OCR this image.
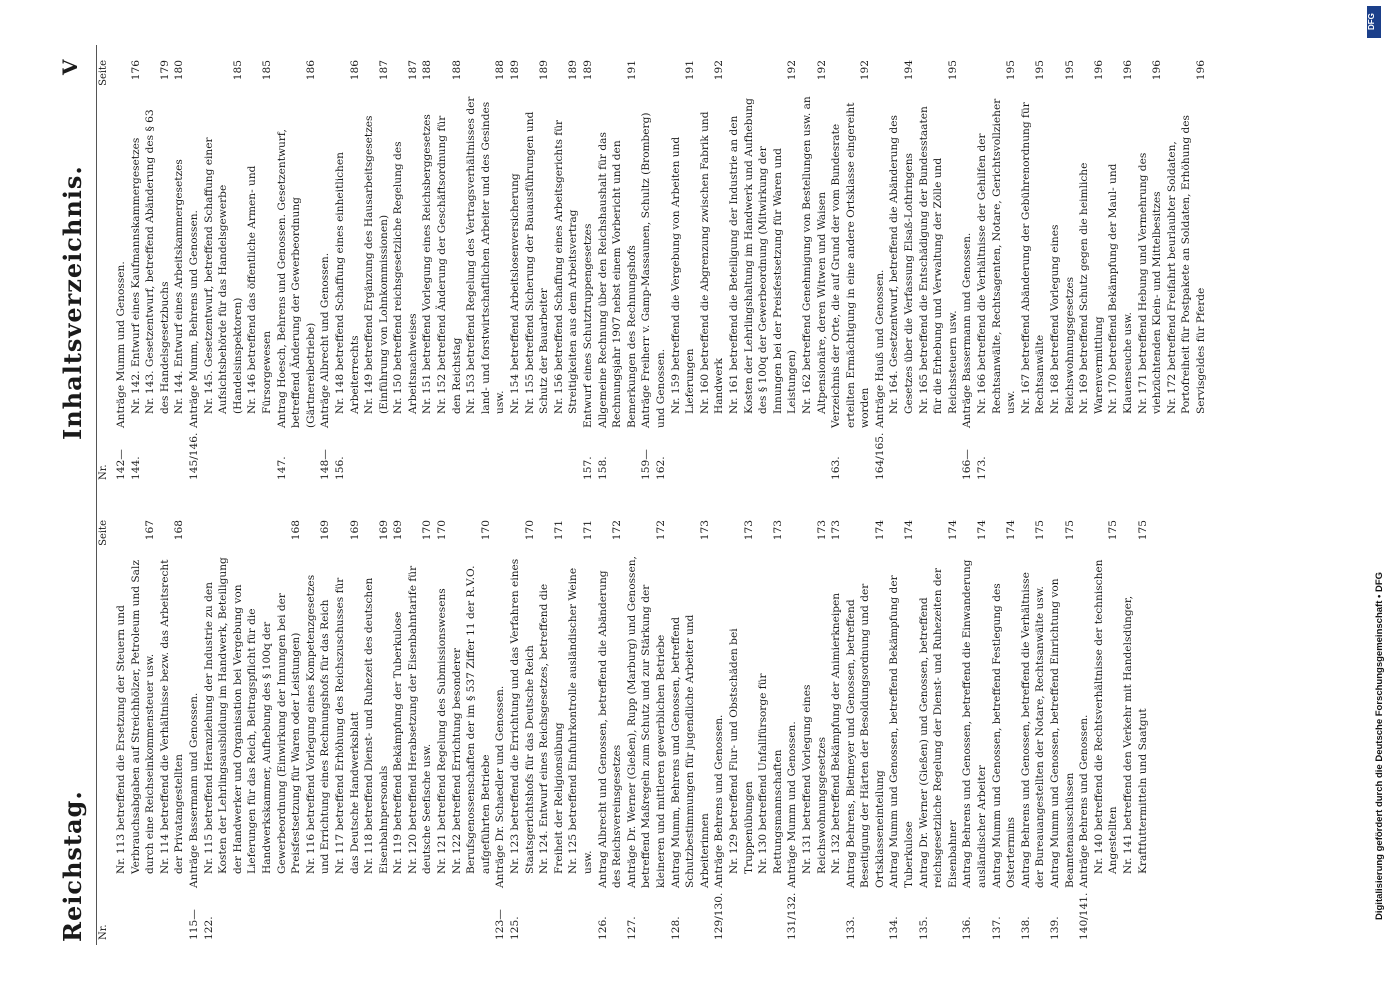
Reichstag.
Inhaltsverzeichnis.
V
Nr.
Seite
Nr. 113 betreffend die Ersetzung der Steuern und Verbrauchsabgaben auf Streichhölzer, Petroleum und Salz durch eine Reichseinkommensteuer usw.
167
Nr. 114 betreffend die Verhältnisse bezw. das Arbeitsrecht der Privatangestellten
168
115—122.
Anträge Bassermann und Genossen. Nr. 115 betreffend Heranziehung der Industrie zu den Kosten der Lehrlingsausbildung im Handwerk, Beteiligung der Handwerker und Organisation bei Vergebung von Lieferungen für das Reich, Beitragspflicht für die Handwerkskammer, Aufhebung des § 100q der Gewerbeordnung (Einwirkung der Innungen bei der Preisfestsetzung für Waren oder Leistungen)
168
Nr. 116 betreffend Vorlegung eines Kompetenzgesetzes und Errichtung eines Rechnungshofs für das Reich
169
Nr. 117 betreffend Erhöhung des Reichszuschusses für das Deutsche Handwerksblatt
169
Nr. 118 betreffend Dienst- und Ruhezeit des deutschen Eisenbahnpersonals
169
Nr. 119 betreffend Bekämpfung der Tuberkulose
169
Nr. 120 betreffend Herabsetzung der Eisenbahntarife für deutsche Seefische usw.
170
Nr. 121 betreffend Regelung des Submissionswesens
170
Nr. 122 betreffend Errichtung besonderer Berufsgenossenschaften der im § 537 Ziffer 11 der R.V.O. aufgeführten Betriebe
170
123—125.
Anträge Dr. Schaedler und Genossen. Nr. 123 betreffend die Errichtung und das Verfahren eines Staatsgerichtshofs für das Deutsche Reich
170
Nr. 124. Entwurf eines Reichsgesetzes, betreffend die Freiheit der Religionsübung
171
Nr. 125 betreffend Einfuhrkontrolle ausländischer Weine usw.
171
126.
Antrag Albrecht und Genossen, betreffend die Abänderung des Reichsvereinsgesetzes
172
127.
Anträge Dr. Werner (Gießen), Rupp (Marburg) und Genossen, betreffend Maßregeln zum Schutz und zur Stärkung der kleineren und mittleren gewerblichen Betriebe
172
128.
Antrag Mumm, Behrens und Genossen, betreffend Schutzbestimmungen für jugendliche Arbeiter und Arbeiterinnen
173
129/130.
Anträge Behrens und Genossen. Nr. 129 betreffend Flur- und Obstschäden bei Truppenübungen
173
Nr. 130 betreffend Unfallfürsorge für Rettungsmannschaften
173
131/132.
Anträge Mumm und Genossen. Nr. 131 betreffend Vorlegung eines Reichswohnungsgesetzes
173
Nr. 132 betreffend Bekämpfung der Animierkneipen
173
133.
Antrag Behrens, Bietmeyer und Genossen, betreffend Beseitigung der Härten der Besoldungsordnung und der Ortsklasseneinteilung
174
134.
Antrag Mumm und Genossen, betreffend Bekämpfung der Tuberkulose
174
135.
Antrag Dr. Werner (Gießen) und Genossen, betreffend reichsgesetzliche Regelung der Dienst- und Ruhezeiten der Eisenbahner
174
136.
Antrag Behrens und Genossen, betreffend die Einwanderung ausländischer Arbeiter
174
137.
Antrag Mumm und Genossen, betreffend Festlegung des Ostertermins
174
138.
Antrag Behrens und Genossen, betreffend die Verhältnisse der Bureauangestellten der Notare, Rechtsanwälte usw.
175
139.
Antrag Mumm und Genossen, betreffend Einrichtung von Beamtenausschüssen
175
140/141.
Anträge Behrens und Genossen. Nr. 140 betreffend die Rechtsverhältnisse der technischen Angestellten
175
Nr. 141 betreffend den Verkehr mit Handelsdünger, Kraftfuttermitteln und Saatgut
175
Nr.
Seite
142—144.
Anträge Mumm und Genossen. Nr. 142. Entwurf eines Kaufmannskammergesetzes
176
Nr. 143. Gesetzentwurf, betreffend Abänderung des § 63 des Handelsgesetzbuchs
179
Nr. 144. Entwurf eines Arbeitskammergesetzes
180
145/146.
Anträge Mumm, Behrens und Genossen. Nr. 145. Gesetzentwurf, betreffend Schaffung einer Aufsichtsbehörde für das Handelsgewerbe (Handelsinspektoren)
185
Nr. 146 betreffend das öffentliche Armen- und Fürsorgewesen
185
147.
Antrag Hoesch, Behrens und Genossen. Gesetzentwurf, betreffend Änderung der Gewerbeordnung (Gärtnereibetriebe)
186
148—156.
Anträge Albrecht und Genossen. Nr. 148 betreffend Schaffung eines einheitlichen Arbeiterrechts
186
Nr. 149 betreffend Ergänzung des Hausarbeitsgesetzes (Einführung von Lohnkommissionen)
187
Nr. 150 betreffend reichsgesetzliche Regelung des Arbeitsnachweises
187
Nr. 151 betreffend Vorlegung eines Reichsberggesetzes
188
Nr. 152 betreffend Änderung der Geschäftsordnung für den Reichstag
188
Nr. 153 betreffend Regelung des Vertragsverhältnisses der land- und forstwirtschaftlichen Arbeiter und des Gesindes usw.
188
Nr. 154 betreffend Arbeitslosenversicherung
189
Nr. 155 betreffend Sicherung der Bauausführungen und Schutz der Bauarbeiter
189
Nr. 156 betreffend Schaffung eines Arbeitsgerichts für Streitigkeiten aus dem Arbeitsvertrag
189
157.
Entwurf eines Schutztruppengesetzes
189
158.
Allgemeine Rechnung über den Reichshaushalt für das Rechnungsjahr 1907 nebst einem Vorbericht und den Bemerkungen des Rechnungshofs
191
159—162.
Anträge Freiherr v. Gamp-Massaunen, Schultz (Bromberg) und Genossen. Nr. 159 betreffend die Vergebung von Arbeiten und Lieferungen
191
Nr. 160 betreffend die Abgrenzung zwischen Fabrik und Handwerk
192
Nr. 161 betreffend die Beteiligung der Industrie an den Kosten der Lehrlingshaltung im Handwerk und Aufhebung des § 100q der Gewerbeordnung (Mitwirkung der Innungen bei der Preisfestsetzung für Waren und Leistungen)
192
Nr. 162 betreffend Genehmigung von Bestellungen usw. an Altpensionäre, deren Witwen und Waisen
192
163.
Verzeichnis der Orte, die auf Grund der vom Bundesrate erteilten Ermächtigung in eine andere Ortsklasse eingereiht worden
192
164/165.
Anträge Hauß und Genossen. Nr. 164. Gesetzentwurf, betreffend die Abänderung des Gesetzes über die Verfassung Elsaß-Lothringens
194
Nr. 165 betreffend die Entschädigung der Bundesstaaten für die Erhebung und Verwaltung der Zölle und Reichssteuern usw.
195
166—173.
Anträge Bassermann und Genossen. Nr. 166 betreffend die Verhältnisse der Gehilfen der Rechtsanwälte, Rechtsagenten, Notare, Gerichtsvollzieher usw.
195
Nr. 167 betreffend Abänderung der Gebührenordnung für Rechtsanwälte
195
Nr. 168 betreffend Vorlegung eines Reichswohnungsgesetzes
195
Nr. 169 betreffend Schutz gegen die heimliche Warenvermittlung
196
Nr. 170 betreffend Bekämpfung der Maul- und Klauenseuche usw.
196
Nr. 171 betreffend Hebung und Vermehrung des viehzüchtenden Klein- und Mittelbesitzes
196
Nr. 172 betreffend Freifahrt beurlaubter Soldaten, Portofreiheit für Postpakete an Soldaten, Erhöhung des Servisgeldes für Pferde
196
Digitalisierung gefördert durch die Deutsche Forschungsgemeinschaft • DFG
DFG
